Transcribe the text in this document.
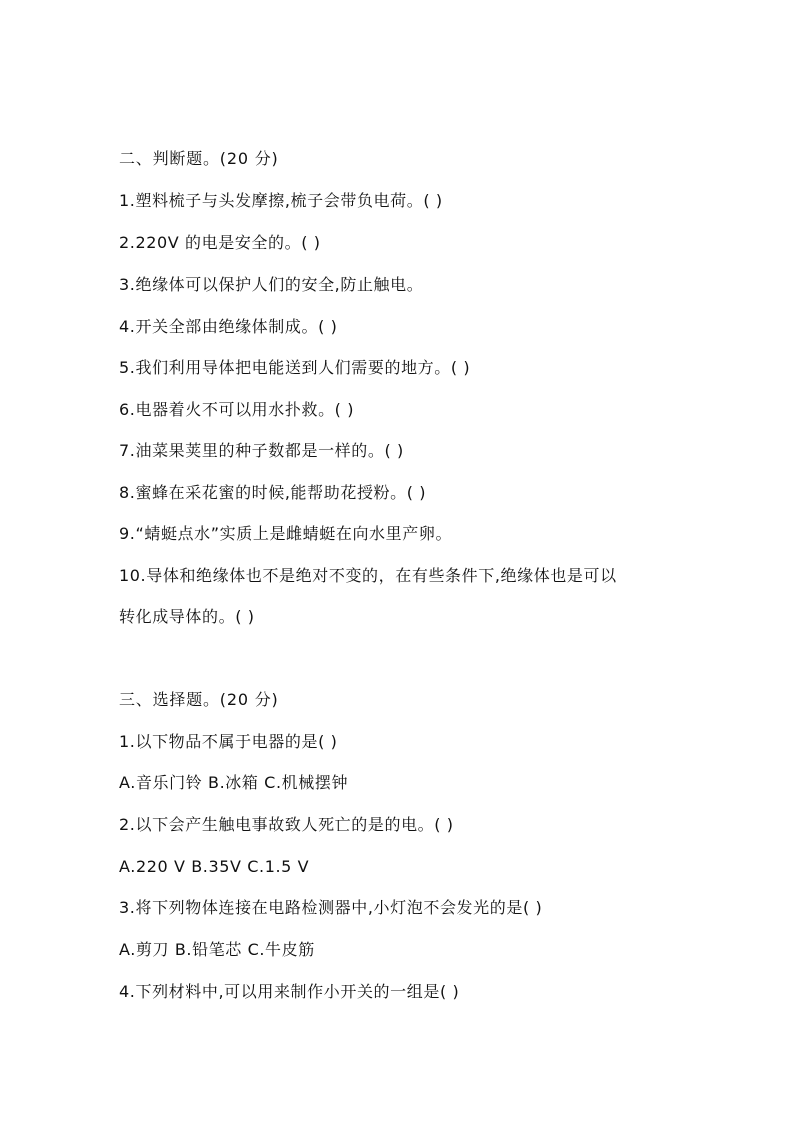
二、判断题。(20 分)
1.塑料梳子与头发摩擦,梳子会带负电荷。( )
2.220V 的电是安全的。( )
3.绝缘体可以保护人们的安全,防止触电。
4.开关全部由绝缘体制成。( )
5.我们利用导体把电能送到人们需要的地方。( )
6.电器着火不可以用水扑救。( )
7.油菜果荚里的种子数都是一样的。( )
8.蜜蜂在采花蜜的时候,能帮助花授粉。( )
9.“蜻蜓点水”实质上是雌蜻蜓在向水里产卵。
10.导体和绝缘体也不是绝对不变的，在有些条件下,绝缘体也是可以
转化成导体的。( )
三、选择题。(20 分)
1.以下物品不属于电器的是( )
A.音乐门铃 B.冰箱 C.机械摆钟
2.以下会产生触电事故致人死亡的是的电。( )
A.220 V B.35V C.1.5 V
3.将下列物体连接在电路检测器中,小灯泡不会发光的是( )
A.剪刀 B.铅笔芯 C.牛皮筋
4.下列材料中,可以用来制作小开关的一组是( )
